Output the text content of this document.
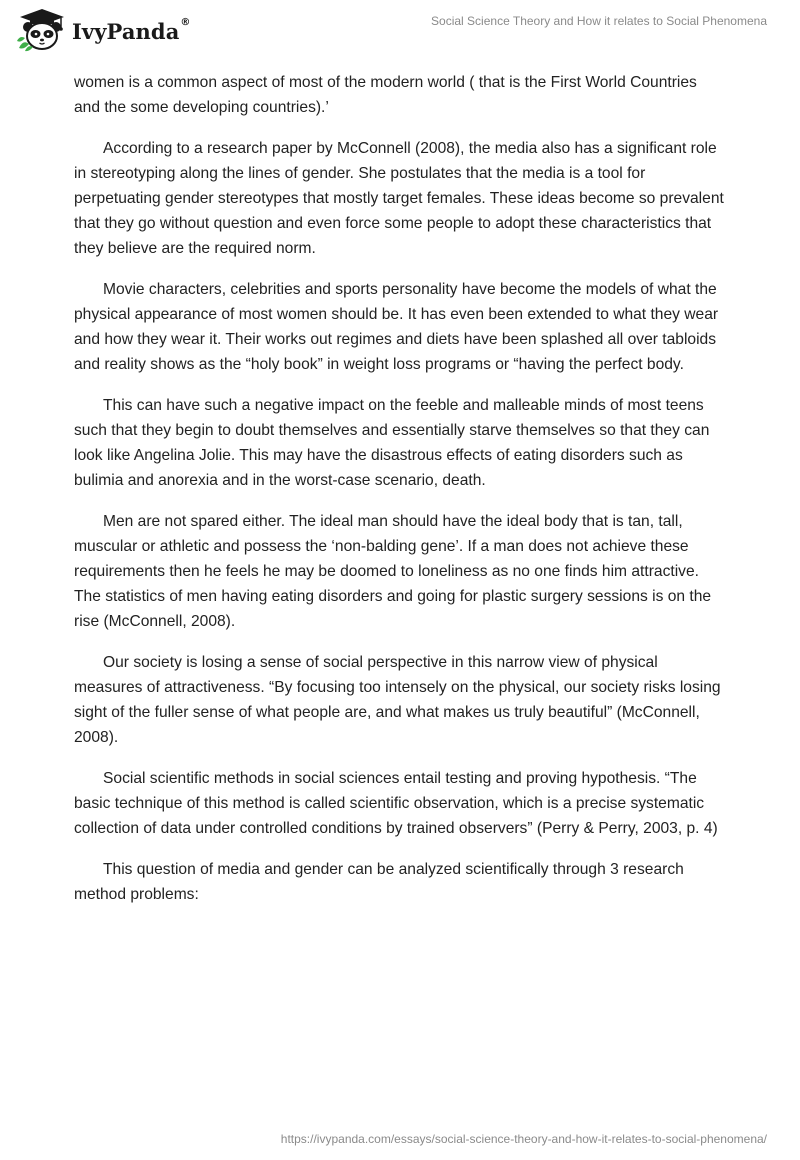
IvyPanda®	Social Science Theory and How it relates to Social Phenomena

women is a common aspect of most of the modern world ( that is the First World Countries and the some developing countries).’

According to a research paper by McConnell (2008), the media also has a significant role in stereotyping along the lines of gender. She postulates that the media is a tool for perpetuating gender stereotypes that mostly target females. These ideas become so prevalent that they go without question and even force some people to adopt these characteristics that they believe are the required norm.

Movie characters, celebrities and sports personality have become the models of what the physical appearance of most women should be. It has even been extended to what they wear and how they wear it. Their works out regimes and diets have been splashed all over tabloids and reality shows as the “holy book” in weight loss programs or “having the perfect body.

This can have such a negative impact on the feeble and malleable minds of most teens such that they begin to doubt themselves and essentially starve themselves so that they can look like Angelina Jolie. This may have the disastrous effects of eating disorders such as bulimia and anorexia and in the worst-case scenario, death.

Men are not spared either. The ideal man should have the ideal body that is tan, tall, muscular or athletic and possess the ‘non-balding gene’. If a man does not achieve these requirements then he feels he may be doomed to loneliness as no one finds him attractive. The statistics of men having eating disorders and going for plastic surgery sessions is on the rise (McConnell, 2008).

Our society is losing a sense of social perspective in this narrow view of physical measures of attractiveness. “By focusing too intensely on the physical, our society risks losing sight of the fuller sense of what people are, and what makes us truly beautiful” (McConnell, 2008).

Social scientific methods in social sciences entail testing and proving hypothesis. “The basic technique of this method is called scientific observation, which is a precise systematic collection of data under controlled conditions by trained observers” (Perry & Perry, 2003, p. 4)

This question of media and gender can be analyzed scientifically through 3 research method problems:

https://ivypanda.com/essays/social-science-theory-and-how-it-relates-to-social-phenomena/
